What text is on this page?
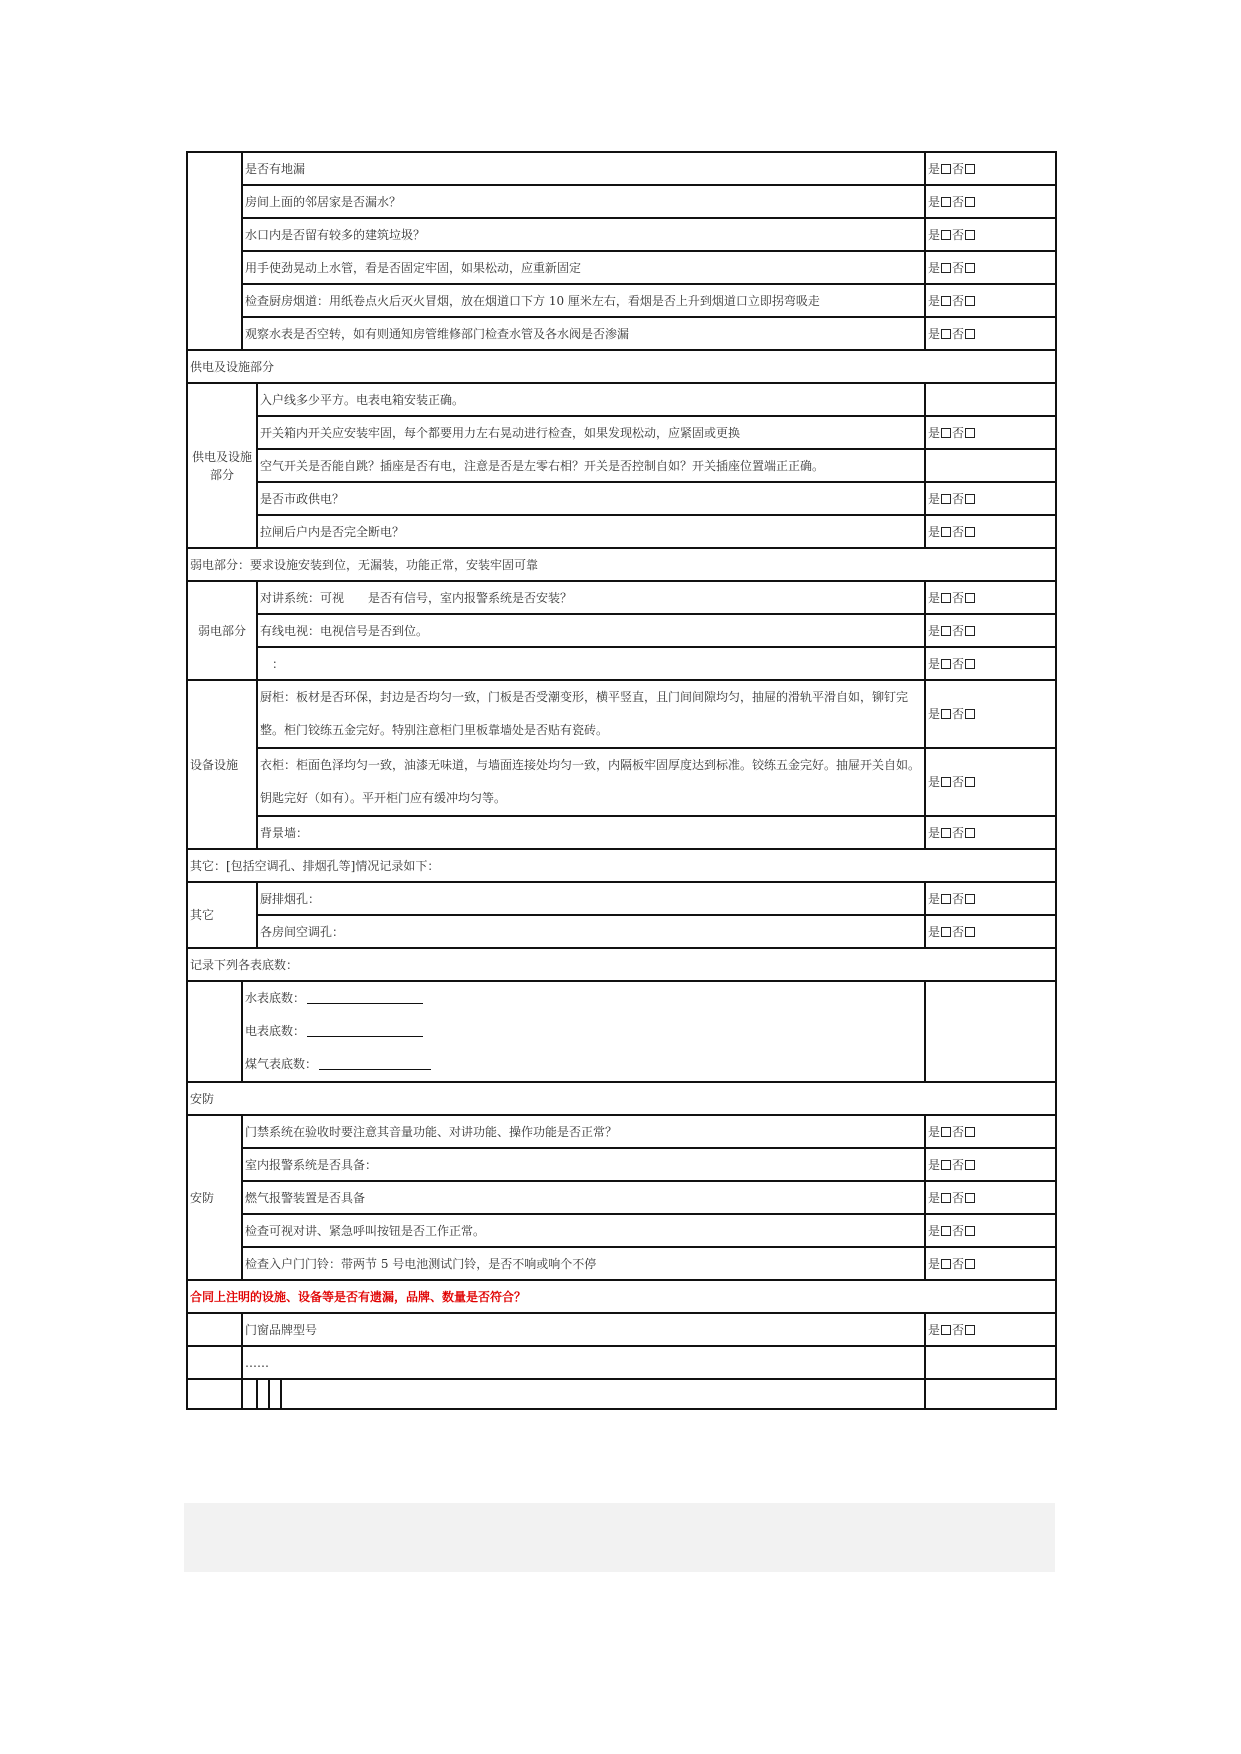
	是否有地漏				是 否
	房间上面的邻居家是否漏水？				是 否
	水口内是否留有较多的建筑垃圾？				是 否
	用手使劲晃动上水管，看是否固定牢固，如果松动，应重新固定				是 否
	检查厨房烟道：用纸卷点火后灭火冒烟，放在烟道口下方 10 厘米左右，看烟是否上升到烟道口立即拐弯吸走				是 否
	观察水表是否空转，如有则通知房管维修部门检查水管及各水阀是否渗漏				是 否
供电及设施部分					
供电及设施部分		入户线多少平方。电表电箱安装正确。			
		开关箱内开关应安装牢固，每个都要用力左右晃动进行检查，如果发现松动，应紧固或更换			是 否
		空气开关是否能自跳？插座是否有电，注意是否是左零右相？开关是否控制自如？开关插座位置端正正确。			
		是否市政供电？			是 否
		拉闸后户内是否完全断电？			是 否
弱电部分：要求设施安装到位，无漏装，功能正常，安装牢固可靠					
弱电部分		对讲系统：可视　　是否有信号，室内报警系统是否安装？			是 否
		有线电视：电视信号是否到位。			是 否
		　：			是 否
设备设施		厨柜：板材是否环保，封边是否均匀一致，门板是否受潮变形，横平竖直，且门间间隙均匀，抽屉的滑轨平滑自如，铆钉完整。柜门铰练五金完好。特别注意柜门里板靠墙处是否贴有瓷砖。			是 否
		衣柜：柜面色泽均匀一致，油漆无味道，与墙面连接处均匀一致，内隔板牢固厚度达到标准。铰练五金完好。抽屉开关自如。钥匙完好（如有）。平开柜门应有缓冲均匀等。			是 否
		背景墙：			是 否
其它：[包括空调孔、排烟孔等]情况记录如下：					
其它		厨排烟孔：			是 否
		各房间空调孔：			是 否
记录下列各表底数：					

	水表底数：
电表底数：
煤气表底数：				

安防					
安防	门禁系统在验收时要注意其音量功能、对讲功能、操作功能是否正常？				是 否
	室内报警系统是否具备：				是 否
	燃气报警装置是否具备				是 否
	检查可视对讲、紧急呼叫按钮是否工作正常。				是 否
	检查入户门门铃：带两节 5 号电池测试门铃，是否不响或响个不停				是 否
合同上注明的设施、设备等是否有遗漏，品牌、数量是否符合？					
	门窗品牌型号				是 否
	……				
